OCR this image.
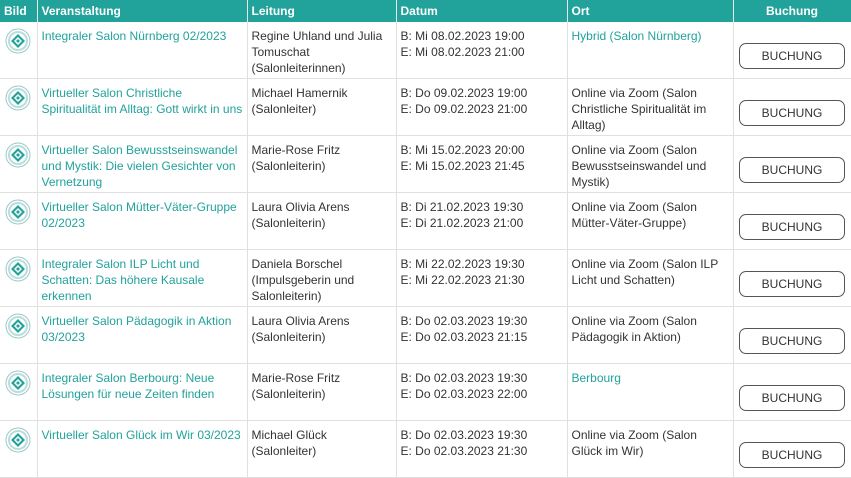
Bild	Veranstaltung	Leitung	Datum	Ort	Buchung

	Integraler Salon Nürnberg 02/2023	Regine Uhland und Julia Tomuschat (Salonleiterinnen)	B: Mi 08.02.2023 19:00
E: Mi 08.02.2023 21:00	Hybrid (Salon Nürnberg)	BUCHUNG

	Virtueller Salon Christliche Spiritualität im Alltag: Gott wirkt in uns	Michael Hamernik (Salonleiter)	B: Do 09.02.2023 19:00
E: Do 09.02.2023 21:00	Online via Zoom (Salon Christliche Spiritualität im Alltag)	BUCHUNG

	Virtueller Salon Bewusstseinswandel und Mystik: Die vielen Gesichter von Vernetzung	Marie-Rose Fritz (Salonleiterin)	B: Mi 15.02.2023 20:00
E: Mi 15.02.2023 21:45	Online via Zoom (Salon Bewusstseinswandel und Mystik)	BUCHUNG

	Virtueller Salon Mütter-Väter-Gruppe 02/2023	Laura Olivia Arens (Salonleiterin)	B: Di 21.02.2023 19:30
E: Di 21.02.2023 21:00	Online via Zoom (Salon Mütter-Väter-Gruppe)	BUCHUNG

	Integraler Salon ILP Licht und Schatten: Das höhere Kausale erkennen	Daniela Borschel (Impulsgeberin und Salonleiterin)	B: Mi 22.02.2023 19:30
E: Mi 22.02.2023 21:30	Online via Zoom (Salon ILP Licht und Schatten)	BUCHUNG

	Virtueller Salon Pädagogik in Aktion 03/2023	Laura Olivia Arens (Salonleiterin)	B: Do 02.03.2023 19:30
E: Do 02.03.2023 21:15	Online via Zoom (Salon Pädagogik in Aktion)	BUCHUNG

	Integraler Salon Berbourg: Neue Lösungen für neue Zeiten finden	Marie-Rose Fritz (Salonleiterin)	B: Do 02.03.2023 19:30
E: Do 02.03.2023 22:00	Berbourg	BUCHUNG

	Virtueller Salon Glück im Wir 03/2023	Michael Glück (Salonleiter)	B: Do 02.03.2023 19:30
E: Do 02.03.2023 21:30	Online via Zoom (Salon Glück im Wir)	BUCHUNG
